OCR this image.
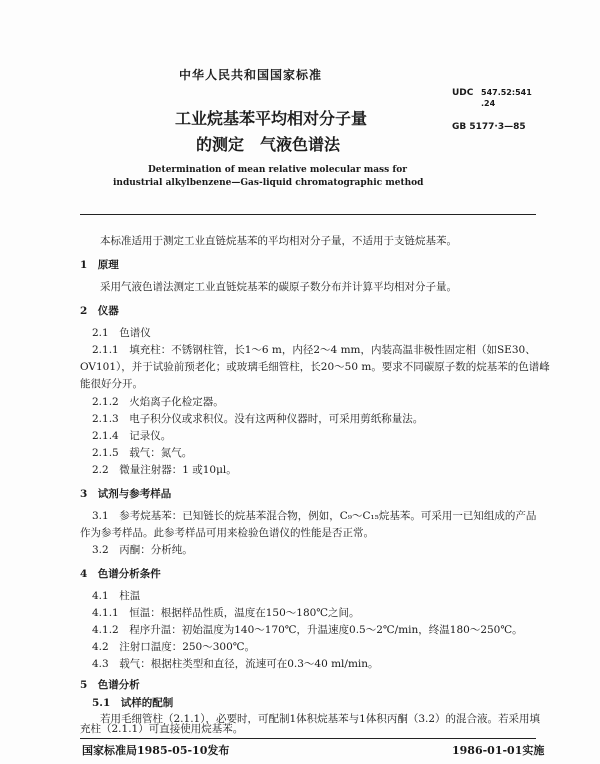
中华人民共和国国家标准
UDC 547.52:541
.24
工业烷基苯平均相对分子量
的测定　气液色谱法
GB 5177·3—85
Determination of mean relative molecular mass for
industrial alkylbenzene—Gas-liquid chromatographic method
本标准适用于测定工业直链烷基苯的平均相对分子量，不适用于支链烷基苯。
1　原理
采用气液色谱法测定工业直链烷基苯的碳原子数分布并计算平均相对分子量。
2　仪器
2.1　色谱仪
2.1.1　填充柱：不锈钢柱管，长1～6 m，内径2～4 mm，内装高温非极性固定相（如SE30、
OV101），并于试验前预老化；或玻璃毛细管柱，长20～50 m。要求不同碳原子数的烷基苯的色谱峰
能很好分开。
2.1.2　火焰离子化检定器。
2.1.3　电子积分仪或求积仪。没有这两种仪器时，可采用剪纸称量法。
2.1.4　记录仪。
2.1.5　载气：氮气。
2.2　微量注射器：1 或10μl。
3　试剂与参考样品
3.1　参考烷基苯：已知链长的烷基苯混合物，例如，C₉～C₁₅烷基苯。可采用一已知组成的产品
作为参考样品。此参考样品可用来检验色谱仪的性能是否正常。
3.2　丙酮：分析纯。
4　色谱分析条件
4.1　柱温
4.1.1　恒温：根据样品性质，温度在150～180℃之间。
4.1.2　程序升温：初始温度为140～170℃，升温速度0.5～2℃/min，终温180～250℃。
4.2　注射口温度：250～300℃。
4.3　载气：根据柱类型和直径，流速可在0.3～40 ml/min。
5　色谱分析
5.1　试样的配制
若用毛细管柱（2.1.1），必要时，可配制1体积烷基苯与1体积丙酮（3.2）的混合液。若采用填
国家标准局1985-05-10发布	1986-01-01实施
充柱（2.1.1）可直接使用烷基苯。
